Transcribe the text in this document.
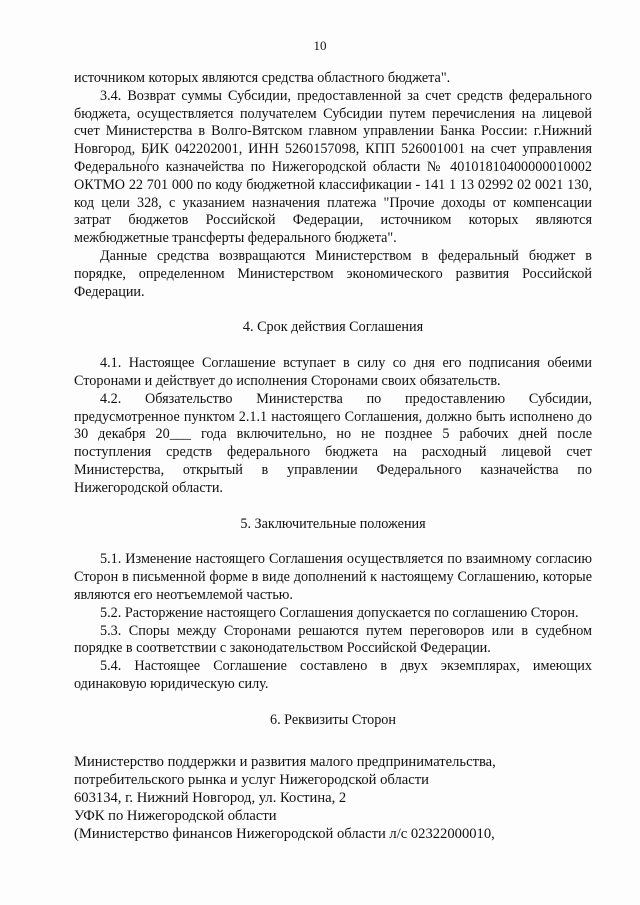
10

источником которых являются средства областного бюджета".

3.4. Возврат суммы Субсидии, предоставленной за счет средств федерального бюджета, осуществляется получателем Субсидии путем перечисления на лицевой счет Министерства в Волго-Вятском главном управлении Банка России: г.Нижний Новгород, БИК 042202001, ИНН 5260157098, КПП 526001001 на счет управления Федерального казначейства по Нижегородской области № 40101810400000010002 ОКТМО 22 701 000 по коду бюджетной классификации - 141 1 13 02992 02 0021 130, код цели 328, с указанием назначения платежа "Прочие доходы от компенсации затрат бюджетов Российской Федерации, источником которых являются межбюджетные трансферты федерального бюджета".

Данные средства возвращаются Министерством в федеральный бюджет в порядке, определенном Министерством экономического развития Российской Федерации.

4. Срок действия Соглашения

4.1. Настоящее Соглашение вступает в силу со дня его подписания обеими Сторонами и действует до исполнения Сторонами своих обязательств.

4.2. Обязательство Министерства по предоставлению Субсидии, предусмотренное пунктом 2.1.1 настоящего Соглашения, должно быть исполнено до 30 декабря 20___ года включительно, но не позднее 5 рабочих дней после поступления средств федерального бюджета на расходный лицевой счет Министерства, открытый в управлении Федерального казначейства по Нижегородской области.

5. Заключительные положения

5.1. Изменение настоящего Соглашения осуществляется по взаимному согласию Сторон в письменной форме в виде дополнений к настоящему Соглашению, которые являются его неотъемлемой частью.

5.2. Расторжение настоящего Соглашения допускается по соглашению Сторон.

5.3. Споры между Сторонами решаются путем переговоров или в судебном порядке в соответствии с законодательством Российской Федерации.

5.4. Настоящее Соглашение составлено в двух экземплярах, имеющих одинаковую юридическую силу.

6. Реквизиты Сторон

Министерство поддержки и развития малого предпринимательства,

потребительского рынка и услуг Нижегородской области

603134, г. Нижний Новгород, ул. Костина, 2

УФК по Нижегородской области

(Министерство финансов Нижегородской области л/с 02322000010,
